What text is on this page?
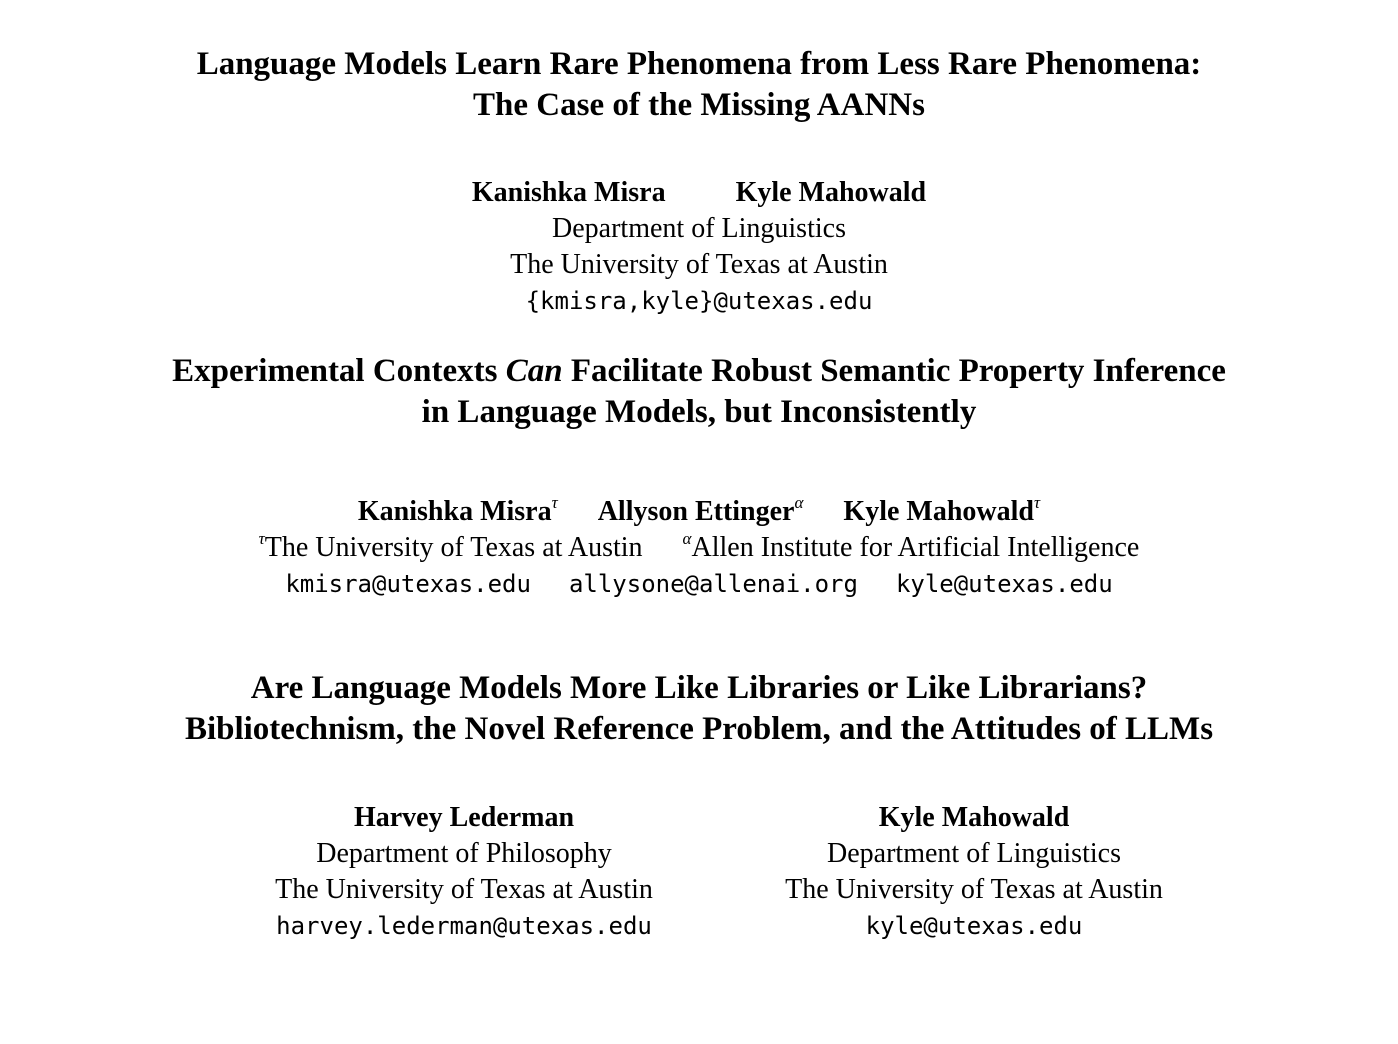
Language Models Learn Rare Phenomena from Less Rare Phenomena:
The Case of the Missing AANNs
Kanishka Misra	Kyle Mahowald
Department of Linguistics
The University of Texas at Austin
{kmisra,kyle}@utexas.edu
Experimental Contexts Can Facilitate Robust Semantic Property Inference
in Language Models, but Inconsistently
Kanishka Misra$^\tau$ Allyson Ettinger$^\alpha$ Kyle Mahowald$^\tau$
$^\tau$The University of Texas at Austin $^\alpha$Allen Institute for Artificial Intelligence
kmisra@utexas.edu allysone@allenai.org kyle@utexas.edu
Are Language Models More Like Libraries or Like Librarians?
Bibliotechnism, the Novel Reference Problem, and the Attitudes of LLMs
Harvey Lederman
Department of Philosophy
The University of Texas at Austin
harvey.lederman@utexas.edu
Kyle Mahowald
Department of Linguistics
The University of Texas at Austin
kyle@utexas.edu
